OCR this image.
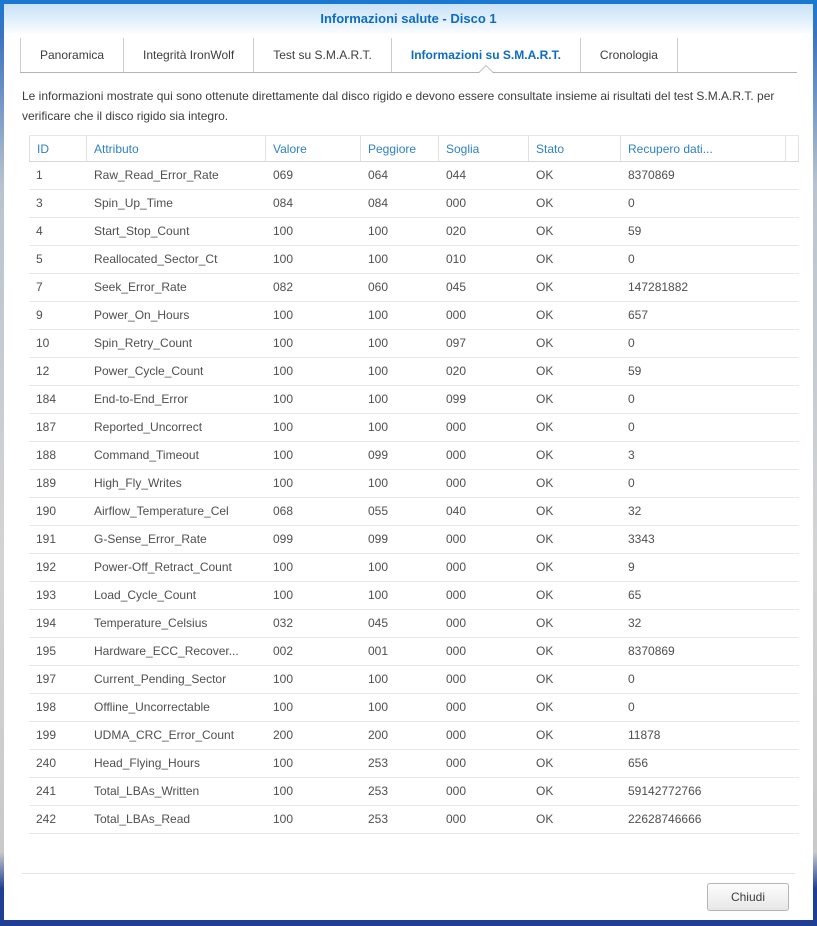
Informazioni salute - Disco 1
Panoramica	Integrità IronWolf	Test su S.M.A.R.T.	Informazioni su S.M.A.R.T.	Cronologia
Le informazioni mostrate qui sono ottenute direttamente dal disco rigido e devono essere consultate insieme ai risultati del test S.M.A.R.T. per verificare che il disco rigido sia integro.
ID	Attributo	Valore	Peggiore	Soglia	Stato	Recupero dati...
1	Raw_Read_Error_Rate	069	064	044	OK	8370869
3	Spin_Up_Time	084	084	000	OK	0
4	Start_Stop_Count	100	100	020	OK	59
5	Reallocated_Sector_Ct	100	100	010	OK	0
7	Seek_Error_Rate	082	060	045	OK	147281882
9	Power_On_Hours	100	100	000	OK	657
10	Spin_Retry_Count	100	100	097	OK	0
12	Power_Cycle_Count	100	100	020	OK	59
184	End-to-End_Error	100	100	099	OK	0
187	Reported_Uncorrect	100	100	000	OK	0
188	Command_Timeout	100	099	000	OK	3
189	High_Fly_Writes	100	100	000	OK	0
190	Airflow_Temperature_Cel	068	055	040	OK	32
191	G-Sense_Error_Rate	099	099	000	OK	3343
192	Power-Off_Retract_Count	100	100	000	OK	9
193	Load_Cycle_Count	100	100	000	OK	65
194	Temperature_Celsius	032	045	000	OK	32
195	Hardware_ECC_Recover...	002	001	000	OK	8370869
197	Current_Pending_Sector	100	100	000	OK	0
198	Offline_Uncorrectable	100	100	000	OK	0
199	UDMA_CRC_Error_Count	200	200	000	OK	11878
240	Head_Flying_Hours	100	253	000	OK	656
241	Total_LBAs_Written	100	253	000	OK	59142772766
242	Total_LBAs_Read	100	253	000	OK	22628746666
Chiudi
